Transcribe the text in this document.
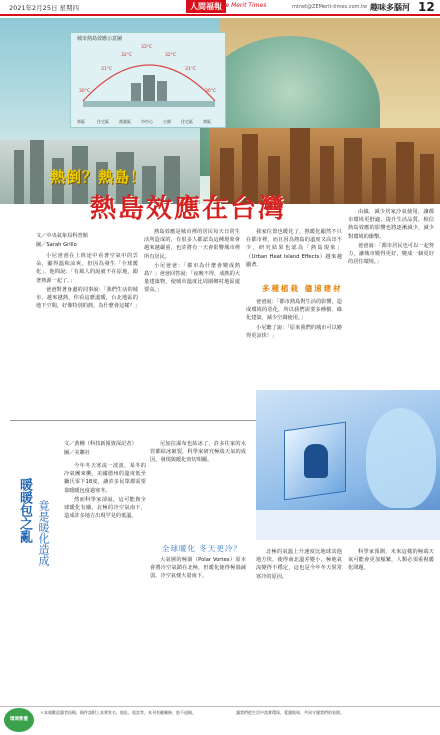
2021年2月25日 星期四	人間福報
The Merit Times	mtnet@ZEMerit-times.com.tw 趣味多腦河 12
城市熱島效應示意圖
30°C
31°C
32°C
33°C
32°C
31°C
30°C
郊區	住宅區	商業區	市中心	公園	住宅區	郊區
熱倒？熱島！
熱島效應在台灣
文／中央氣象局科普館
圖／Sarah Grillo

小尼爸爸在上班途中看著空氣中的雲朵，顯得溫和涼爽。但因為發生「全球暖化」，他問說：「有風人的說就不在原地，跟著熱源一起了。」

爸爸對著身邊的同事說：「我們生活的城市，越來越熱，你看這麼溫暖，台北地區的地下空間，好像特別的熱，為什麼會這樣？」

熱島效應是城市裡的居民每天日常生活所造成的，有很多人都認為這種現象會越來越嚴重，也許將有一天會影響城市裡所有居民。

小尼爸爸：「都市為什麼會變成熱島？」爸爸回答說：「夜晚不得，成熱的大量建築物，使城市溫度比周圍鄉村地區還要高。」

我家位置也暖化了，熱暖化顯然不只在都市裡，而且因為熱島的溫度又高出不少，研究結果也認為「熱島現象」（Urban Heat Island Effects）越來越顯著。

多種植栽 儘速建材

爸爸說：「都市熱島對生活的影響，造成環境的惡化，所以我們需要多種樹、綠化建築，減少空調使用。」

小尼聽了說：「原來我們的城市可以變得更涼快！」

由綠，減少居家冷氣使用，讓都市環境更舒適，提升生活品質，相信熱島效應的影響也將逐漸減少，減少對環境的衝擊。

爸爸說：「都市居民也可以一起努力，讓城市變得更好，變成一個更好的居住環境。」

文／黃穗（科技新報資深記者）
圖／美聯社
暖暖包之亂 竟是暖化造成

今年冬天寒流一波波，某冬的冷氣團來襲，美國德州的溫度低至攝氏零下18度，讓許多民眾都需要靠暖暖包度過寒冬。

然而科學家卻說，這可能與全球暖化有關，北極的冷空氣南下，造成許多地方出現罕見的低溫。

尼加拉瀑布也結冰了，許多住家的水管都結冰破裂，科學家研究極端天氣的成因，發現與暖化密切相關。

全球暖化 冬天更冷？

大氣層的極渦（Polar Vortex）原本會將冷空氣鎖在北極，但暖化使得極渦減弱，冷空氣便大量南下。

北極的氣溫上升速度比地球其他地方快，使得南北溫差變小，極地氣流變得不穩定，這也是今年冬天異常寒冷的原因。

科學家預測，未來這樣的極端天氣可能會更加頻繁，人類必須重視暖化問題。

環境教養
＊本報歡迎讀者投稿，稿件請附上真實姓名、地址、電話等，本刊有權刪修，恕不退稿。	讓我們從生活中落實環保，愛護地球，共同守護我們的家園。
